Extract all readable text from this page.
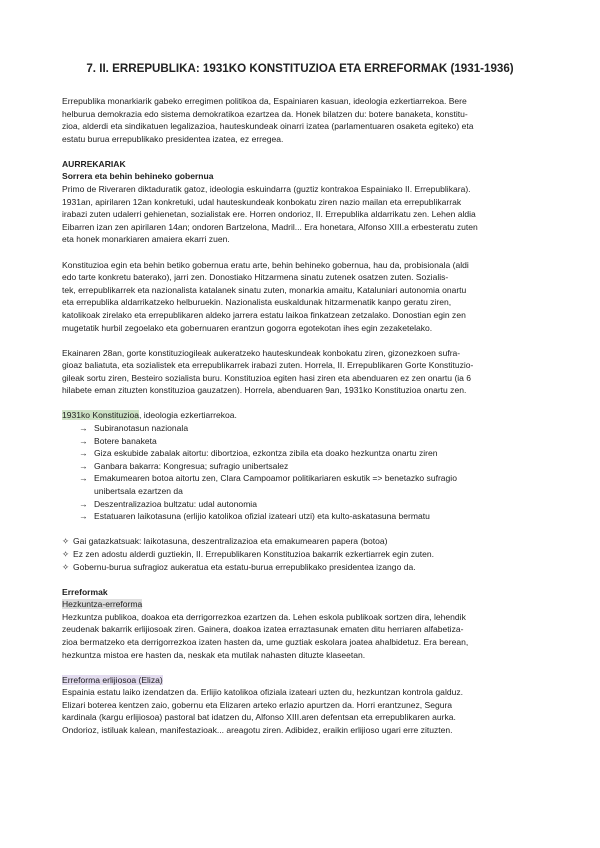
7. II. ERREPUBLIKA: 1931KO KONSTITUZIOA ETA ERREFORMAK (1931-1936)

Errepublika monarkiarik gabeko erregimen politikoa da, Espainiaren kasuan, ideologia ezkertiarrekoa. Bere

helburua demokrazia edo sistema demokratikoa ezartzea da. Honek bilatzen du: botere banaketa, konstitu-

zioa, alderdi eta sindikatuen legalizazioa, hauteskundeak oinarri izatea (parlamentuaren osaketa egiteko) eta

estatu burua errepublikako presidentea izatea, ez erregea.

AURREKARIAK
Sorrera eta behin behineko gobernua

Primo de Riveraren diktaduratik gatoz, ideologia eskuindarra (guztiz kontrakoa Espainiako II. Errepublikara).

1931an, apirilaren 12an konkretuki, udal hauteskundeak konbokatu ziren nazio mailan eta errepublikarrak

irabazi zuten udalerri gehienetan, sozialistak ere. Horren ondorioz, II. Errepublika aldarrikatu zen. Lehen aldia

Eibarren izan zen apirilaren 14an; ondoren Bartzelona, Madril... Era honetara, Alfonso XIII.a erbesteratu zuten

eta honek monarkiaren amaiera ekarri zuen.

Konstituzioa egin eta behin betiko gobernua eratu arte, behin behineko gobernua, hau da, probisionala (aldi

edo tarte konkretu baterako), jarri zen. Donostiako Hitzarmena sinatu zutenek osatzen zuten. Sozialis-

tek, errepublikarrek eta nazionalista katalanek sinatu zuten, monarkia amaitu, Kataluniari autonomia onartu

eta errepublika aldarrikatzeko helburuekin. Nazionalista euskaldunak hitzarmenatik kanpo geratu ziren,

katolikoak zirelako eta errepublikaren aldeko jarrera estatu laikoa finkatzean zetzalako. Donostian egin zen

mugetatik hurbil zegoelako eta gobernuaren erantzun gogorra egotekotan ihes egin zezaketelako.

Ekainaren 28an, gorte konstituziogileak aukeratzeko hauteskundeak konbokatu ziren, gizonezkoen sufra-

gioaz baliatuta, eta sozialistek eta errepublikarrek irabazi zuten. Horrela, II. Errepublikaren Gorte Konstituzio-

gileak sortu ziren, Besteiro sozialista buru. Konstituzioa egiten hasi ziren eta abenduaren ez zen onartu (ia 6

hilabete eman zituzten konstituzioa gauzatzen). Horrela, abenduaren 9an, 1931ko Konstituzioa onartu zen.

1931ko Konstituzioa, ideologia ezkertiarrekoa.

→ Subiranotasun nazionala
→ Botere banaketa
→ Giza eskubide zabalak aitortu: dibortzioa, ezkontza zibila eta doako hezkuntza onartu ziren
→ Ganbara bakarra: Kongresua; sufragio unibertsalez
→ Emakumearen botoa aitortu zen, Clara Campoamor politikariaren eskutik => benetazko sufragio
unibertsala ezartzen da
→ Deszentralizazioa bultzatu: udal autonomia
→ Estatuaren laikotasuna (erlijio katolikoa ofizial izateari utzi) eta kulto-askatasuna bermatu
✧ Gai gatazkatsuak: laikotasuna, deszentralizazioa eta emakumearen papera (botoa)
✧ Ez zen adostu alderdi guztiekin, II. Errepublikaren Konstituzioa bakarrik ezkertiarrek egin zuten.
✧ Gobernu-burua sufragioz aukeratua eta estatu-burua errepublikako presidentea izango da.
Erreformak

Hezkuntza-erreforma

Hezkuntza publikoa, doakoa eta derrigorrezkoa ezartzen da. Lehen eskola publikoak sortzen dira, lehendik

zeudenak bakarrik erlijiosoak ziren. Gainera, doakoa izatea erraztasunak ematen ditu herriaren alfabetiza-

zioa bermatzeko eta derrigorrezkoa izaten hasten da, ume guztiak eskolara joatea ahalbidetuz. Era berean,

hezkuntza mistoa ere hasten da, neskak eta mutilak nahasten dituzte klaseetan.

Erreforma erlijiosoa (Eliza)

Espainia estatu laiko izendatzen da. Erlijio katolikoa ofiziala izateari uzten du, hezkuntzan kontrola galduz.

Elizari boterea kentzen zaio, gobernu eta Elizaren arteko erlazio apurtzen da. Horri erantzunez, Segura

kardinala (kargu erlijiosoa) pastoral bat idatzen du, Alfonso XIII.aren defentsan eta errepublikaren aurka.

Ondorioz, istiluak kalean, manifestazioak... areagotu ziren. Adibidez, eraikin erlijioso ugari erre zituzten.
